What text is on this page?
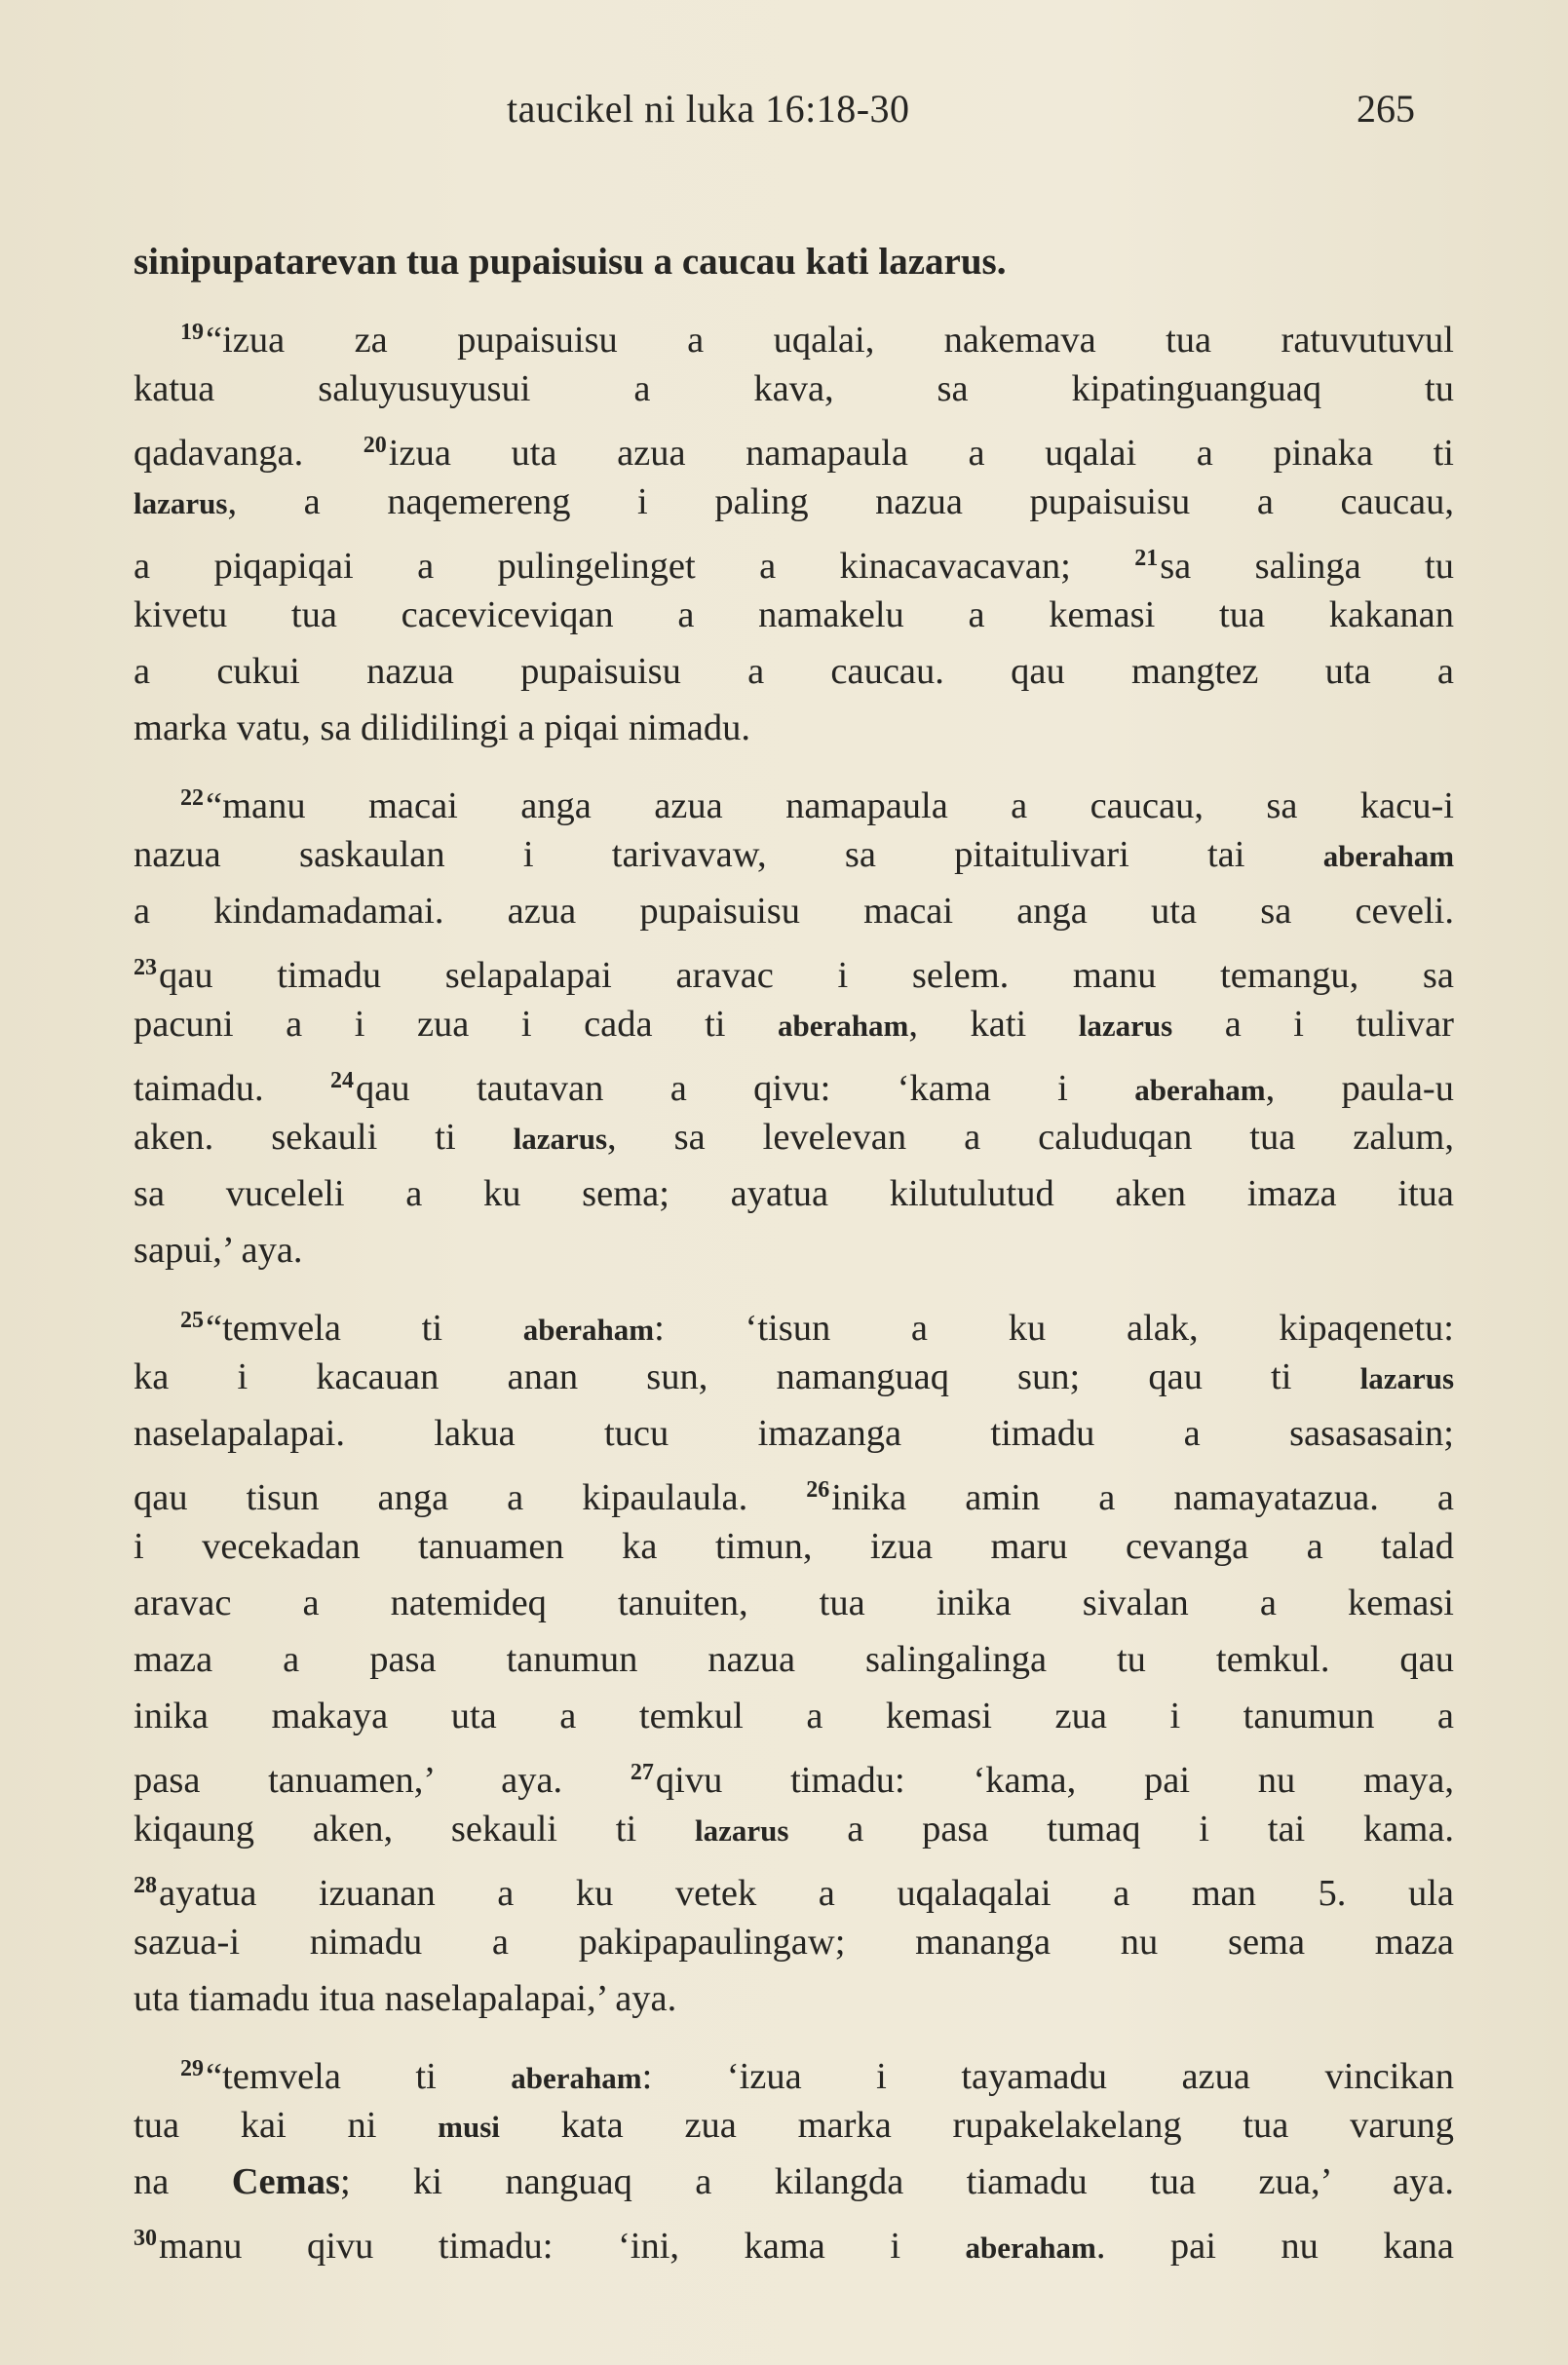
taucikel ni luka 16:18-30	265
sinipupatarevan tua pupaisuisu a caucau kati lazarus.
$^{19}$“izua za pupaisuisu a uqalai, nakemava tua ratuvutuvul
katua saluyusuyusui a kava, sa kipatinguanguaq tu
qadavanga. $^{20}$izua uta azua namapaula a uqalai a pinaka ti
lazarus, a naqemereng i paling nazua pupaisuisu a caucau,
a piqapiqai a pulingelinget a kinacavacavan; $^{21}$sa salinga tu
kivetu tua caceviceviqan a namakelu a kemasi tua kakanan
a cukui nazua pupaisuisu a caucau. qau mangtez uta a
marka vatu, sa dilidilingi a piqai nimadu.
$^{22}$“manu macai anga azua namapaula a caucau, sa kacu-i
nazua saskaulan i tarivavaw, sa pitaitulivari tai	aberaham
a kindamadamai. azua pupaisuisu macai anga uta sa ceveli.
$^{23}$qau timadu selapalapai aravac i selem. manu temangu, sa
pacuni a i zua i cada ti aberaham, kati lazarus a i tulivar
taimadu. $^{24}$qau tautavan a qivu: ‘kama i aberaham, paula-u
aken. sekauli ti lazarus, sa levelevan a caluduqan tua zalum,
sa vuceleli a ku sema; ayatua kilutulutud aken imaza itua
sapui,’ aya.
$^{25}$“temvela ti	aberaham: ‘tisun a ku alak, kipaqenetu:
ka i kacauan anan sun, namanguaq sun; qau ti lazarus
naselapalapai. lakua tucu imazanga timadu a sasasasain;
qau tisun anga a kipaulaula. $^{26}$inika amin a namayatazua. a
i vecekadan tanuamen ka timun, izua maru cevanga a talad
aravac a natemideq tanuiten, tua inika sivalan a kemasi
maza a pasa tanumun nazua salingalinga tu temkul. qau
inika makaya uta a temkul a kemasi zua i tanumun a
pasa tanuamen,’ aya. $^{27}$qivu timadu: ‘kama, pai nu maya,
kiqaung aken, sekauli ti lazarus a pasa tumaq i tai kama.
$^{28}$ayatua izuanan a ku vetek a uqalaqalai a man 5. ula
sazua-i nimadu a pakipapaulingaw; mananga nu sema maza
uta tiamadu itua naselapalapai,’ aya.
$^{29}$“temvela ti aberaham: ‘izua i tayamadu azua vincikan
tua kai ni musi kata zua marka rupakelakelang tua varung
na Cemas; ki nanguaq a kilangda tiamadu tua zua,’ aya.
$^{30}$manu qivu timadu: ‘ini, kama i aberaham. pai nu kana
